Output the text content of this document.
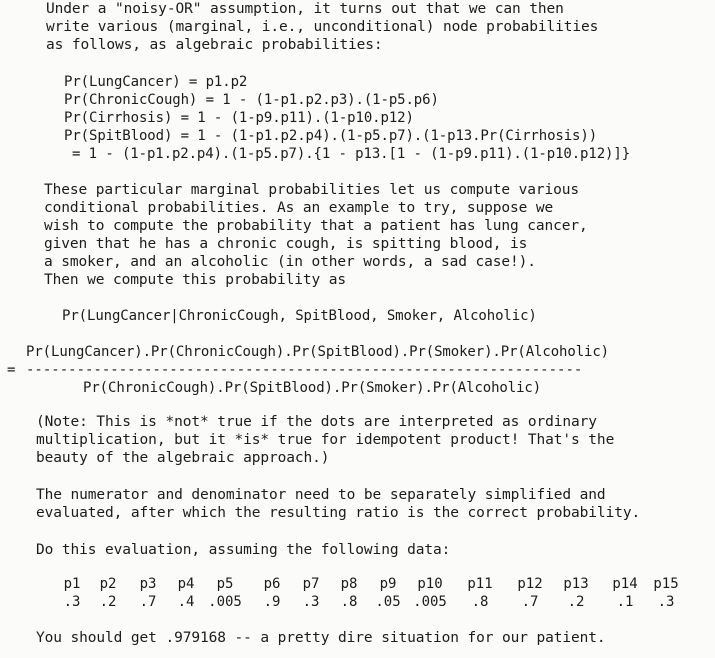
Under a "noisy-OR" assumption, it turns out that we can then
write various (marginal, i.e., unconditional) node probabilities
as follows, as algebraic probabilities:
Pr(LungCancer) = p1.p2
Pr(ChronicCough) = 1 - (1-p1.p2.p3).(1-p5.p6)
Pr(Cirrhosis) = 1 - (1-p9.p11).(1-p10.p12)
Pr(SpitBlood) = 1 - (1-p1.p2.p4).(1-p5.p7).(1-p13.Pr(Cirrhosis))
= 1 - (1-p1.p2.p4).(1-p5.p7).{1 - p13.[1 - (1-p9.p11).(1-p10.p12)]}
These particular marginal probabilities let us compute various
conditional probabilities. As an example to try, suppose we
wish to compute the probability that a patient has lung cancer,
given that he has a chronic cough, is spitting blood, is
a smoker, and an alcoholic (in other words, a sad case!).
Then we compute this probability as
Pr(LungCancer|ChronicCough, SpitBlood, Smoker, Alcoholic)
Pr(LungCancer).Pr(ChronicCough).Pr(SpitBlood).Pr(Smoker).Pr(Alcoholic)
= ------------------------------------------------------------------
Pr(ChronicCough).Pr(SpitBlood).Pr(Smoker).Pr(Alcoholic)
(Note: This is *not* true if the dots are interpreted as ordinary
multiplication, but it *is* true for idempotent product! That's the
beauty of the algebraic approach.)
The numerator and denominator need to be separately simplified and
evaluated, after which the resulting ratio is the correct probability.
Do this evaluation, assuming the following data:
p1
.3
p2
.2
p3
.7
p4
.4
p5
.005
p6
.9
p7
.3
p8
.8
p9
.05
p10
.005
p11
.8
p12
.7
p13
.2
p14
.1
p15
.3
You should get .979168 -- a pretty dire situation for our patient.
